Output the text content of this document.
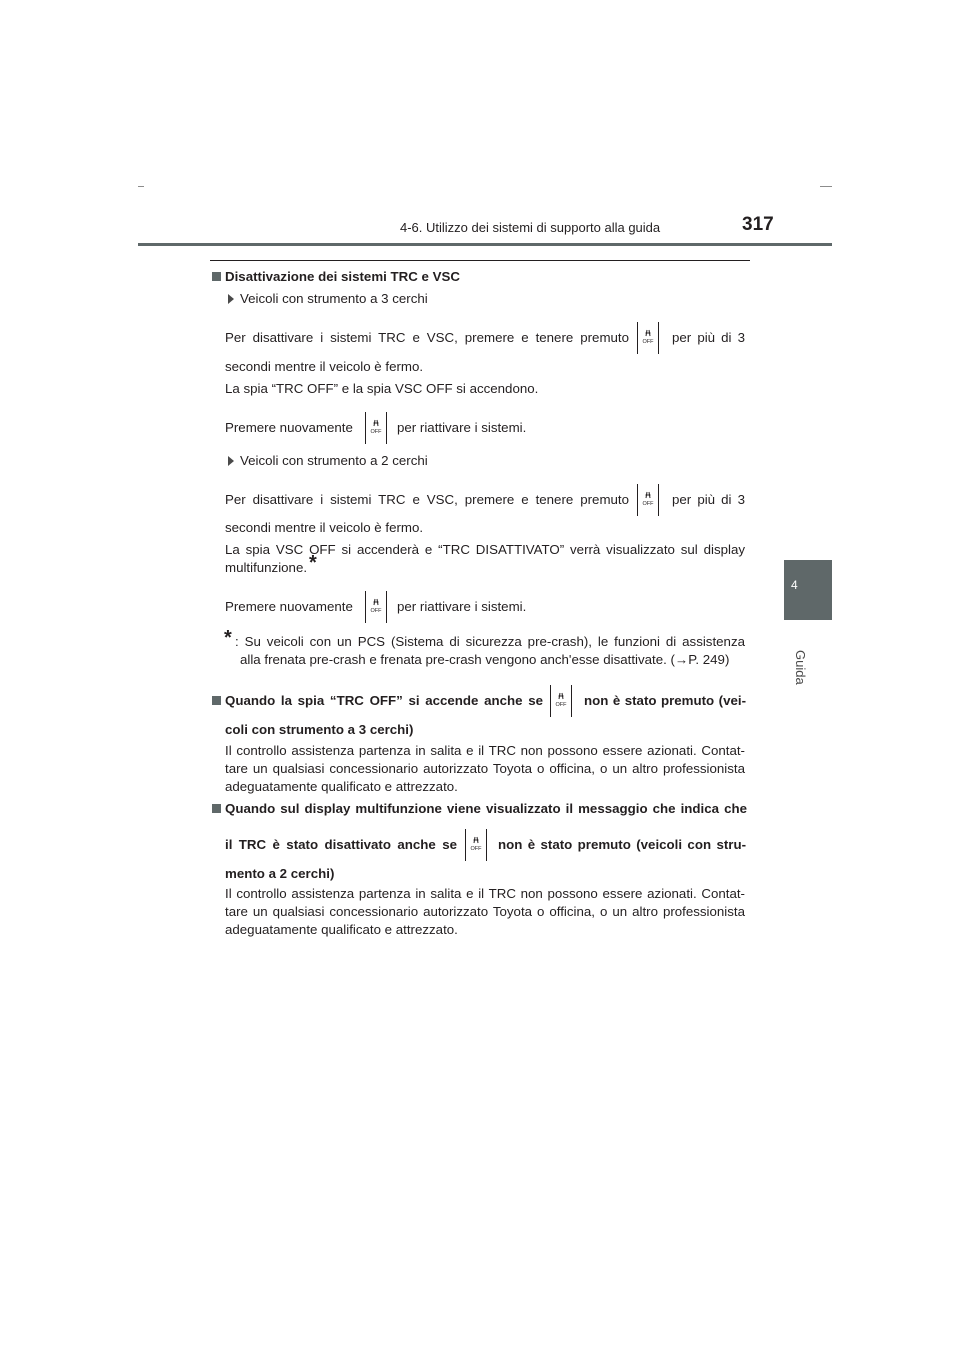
4-6. Utilizzo dei sistemi di supporto alla guida	317
4
Guida
Disattivazione dei sistemi TRC e VSC
Veicoli con strumento a 3 cerchi
Per disattivare i sistemi TRC e VSC, premere e tenere premuto	OFF	per più di 3
secondi mentre il veicolo è fermo.
La spia “TRC OFF” e la spia VSC OFF si accendono.
Premere nuovamente	OFF	per riattivare i sistemi.
Veicoli con strumento a 2 cerchi
Per disattivare i sistemi TRC e VSC, premere e tenere premuto	OFF	per più di 3
secondi mentre il veicolo è fermo.
La spia VSC OFF si accenderà e “TRC DISATTIVATO” verrà visualizzato sul display
multifunzione. *
Premere nuovamente	OFF	per riattivare i sistemi.
* : Su veicoli con un PCS (Sistema di sicurezza pre-crash), le funzioni di assistenza
alla frenata pre-crash e frenata pre-crash vengono anch'esse disattivate. (→P. 249)
Quando la spia “TRC OFF” si accende anche se	OFF	non è stato premuto (vei-
coli con strumento a 3 cerchi)
Il controllo assistenza partenza in salita e il TRC non possono essere azionati. Contat-
tare un qualsiasi concessionario autorizzato Toyota o officina, o un altro professionista
adeguatamente qualificato e attrezzato.
Quando sul display multifunzione viene visualizzato il messaggio che indica che
il TRC è stato disattivato anche se	OFF	non è stato premuto (veicoli con stru-
mento a 2 cerchi)
Il controllo assistenza partenza in salita e il TRC non possono essere azionati. Contat-
tare un qualsiasi concessionario autorizzato Toyota o officina, o un altro professionista
adeguatamente qualificato e attrezzato.
